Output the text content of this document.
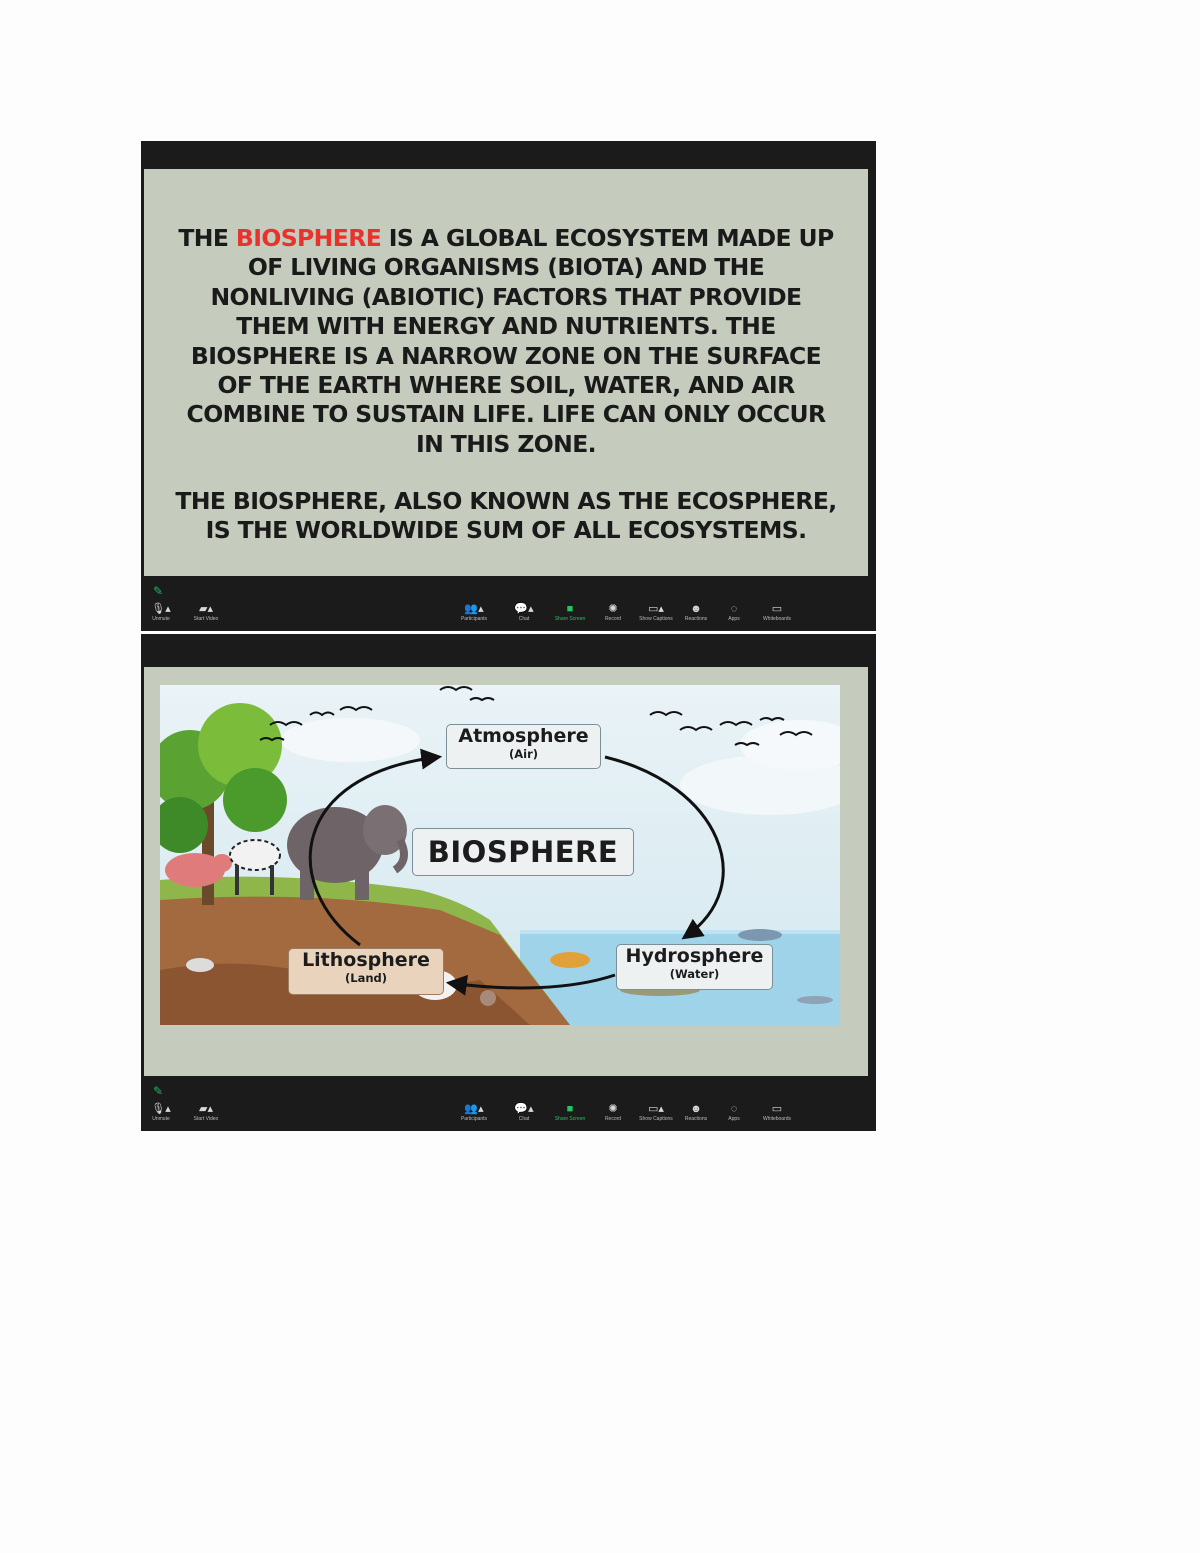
THE BIOSPHERE IS A GLOBAL ECOSYSTEM MADE UP
OF LIVING ORGANISMS (BIOTA) AND THE
NONLIVING (ABIOTIC) FACTORS THAT PROVIDE
THEM WITH ENERGY AND NUTRIENTS. THE
BIOSPHERE IS A NARROW ZONE ON THE SURFACE
OF THE EARTH WHERE SOIL, WATER, AND AIR
COMBINE TO SUSTAIN LIFE. LIFE CAN ONLY OCCUR
IN THIS ZONE.
THE BIOSPHERE, ALSO KNOWN AS THE ECOSPHERE,
IS THE WORLDWIDE SUM OF ALL ECOSYSTEMS.
✎
🎙▴
Unmute
▰▴
Start Video
👥▴
Participants
💬▴
Chat
■
Share Screen
✺
Record
▭▴
Show Captions
☻
Reactions
◌
Apps
▭
Whiteboards
Atmosphere
(Air)
BIOSPHERE
Hydrosphere
(Water)
Lithosphere
(Land)
✎
🎙▴
Unmute
▰▴
Start Video
👥▴
Participants
💬▴
Chat
■
Share Screen
✺
Record
▭▴
Show Captions
☻
Reactions
◌
Apps
▭
Whiteboards
